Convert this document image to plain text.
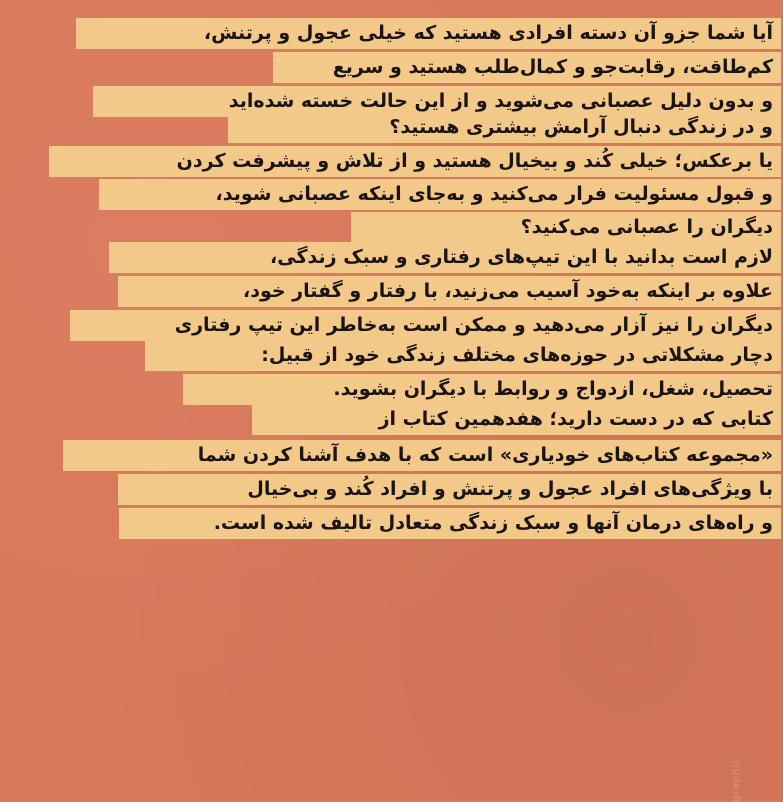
آیا شما جزو آن دسته افرادی هستید که خیلی عجول و پرتنش،
کم‌طاقت، رقابت‌جو و کمال‌طلب هستید و سریع
و بدون دلیل عصبانی می‌شوید و از این حالت خسته شده‌اید
و در زندگی دنبال آرامش بیشتری هستید؟
یا برعکس؛ خیلی کُند و بیخیال هستید و از تلاش و پیشرفت کردن
و قبول مسئولیت فرار می‌کنید و به‌جای اینکه عصبانی شوید،
دیگران را عصبانی می‌کنید؟
لازم است بدانید با این تیپ‌های رفتاری و سبک زندگی،
علاوه بر اینکه به‌خود آسیب می‌زنید، با رفتار و گفتار خود،
دیگران را نیز آزار می‌دهید و ممکن است به‌خاطر این تیپ رفتاری
دچار مشکلاتی در حوزه‌های مختلف زندگی خود از قبیل:
تحصیل، شغل، ازدواج و روابط با دیگران بشوید.
کتابی که در دست دارید؛ هفدهمین کتاب از
«مجموعه کتاب‌های خودیاری» است که با هدف آشنا کردن شما
با ویژگی‌های افراد عجول و پرتنش و افراد کُند و بی‌خیال
و راه‌های درمان آنها و سبک زندگی متعادل تالیف شده است.
graphic
